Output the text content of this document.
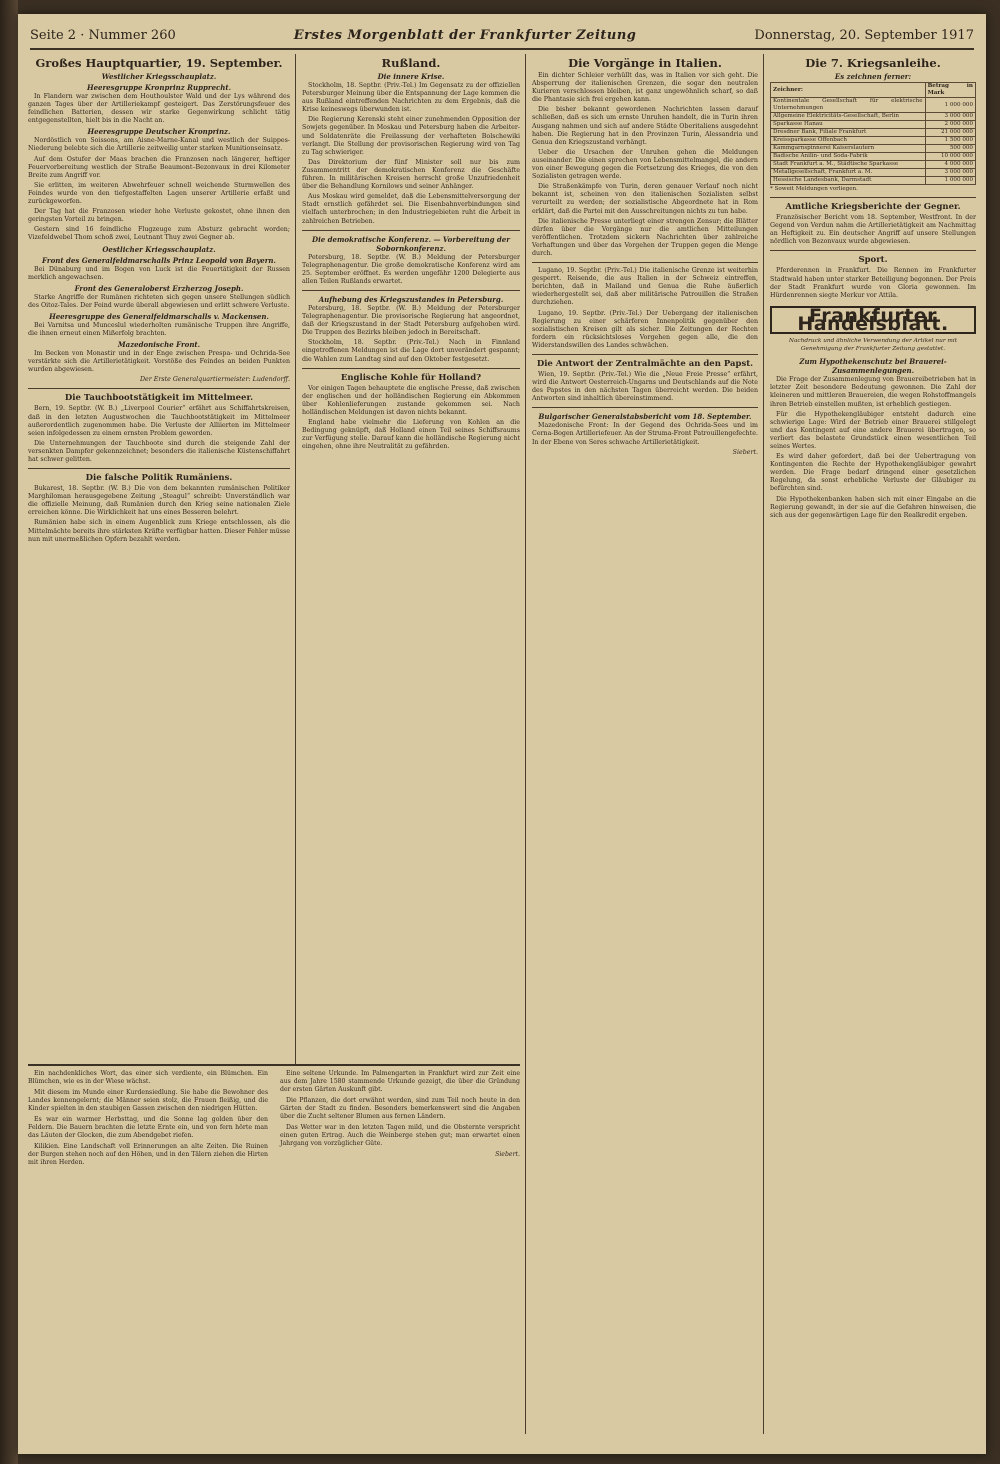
Seite 2 · Nummer 260	Erstes Morgenblatt der Frankfurter Zeitung	Donnerstag, 20. September 1917
Großes Hauptquartier, 19. September.
Westlicher Kriegsschauplatz.
Heeresgruppe Kronprinz Rupprecht.

In Flandern war zwischen dem Houthoulster Wald und der Lys während des ganzen Tages über der Artilleriekampf gesteigert. Das Zerstörungsfeuer des feindlichen Batterien, dessen wir starke Gegenwirkung schlicht tätig entgegenstellten, hielt bis in die Nacht an.

Heeresgruppe Deutscher Kronprinz.

Nordöstlich von Soissons, am Aisne-Marne-Kanal und westlich der Suippes-Niederung belebte sich die Artillerie zeitweilig unter starken Munitionseinsatz.

Auf dem Ostufer der Maas brachen die Franzosen nach längerer, heftiger Feuervorbereitung westlich der Straße Beaumont–Bezonvaux in drei Kilometer Breite zum Angriff vor.

Sie erlitten, im weiteren Abwehrfeuer schnell weichende Sturmwellen des Feindes wurde von den tiefgestaffelten Lagen unserer Artillerie erfaßt und zurückgeworfen.

Der Tag hat die Franzosen wieder hohe Verluste gekostet, ohne ihnen den geringsten Vorteil zu bringen.

Gestern sind 16 feindliche Flugzeuge zum Absturz gebracht worden; Vizefeldwebel Thom schoß zwei, Leutnant Thuy zwei Gegner ab.

Oestlicher Kriegsschauplatz.
Front des Generalfeldmarschalls Prinz Leopold von Bayern.

Bei Dünaburg und im Bogen von Luck ist die Feuertätigkeit der Russen merklich angewachsen.

Front des Generaloberst Erzherzog Joseph.

Starke Angriffe der Rumänen richteten sich gegen unsere Stellungen südlich des Oitoz-Tales. Der Feind wurde überall abgewiesen und erlitt schwere Verluste.

Heeresgruppe des Generalfeldmarschalls v. Mackensen.

Bei Varnitsa und Munceslul wiederholten rumänische Truppen ihre Angriffe, die ihnen erneut einen Mißerfolg brachten.

Mazedonische Front.

Im Becken von Monastir und in der Enge zwischen Prespa- und Ochrida-See verstärkte sich die Artillerietätigkeit. Vorstöße des Feindes an beiden Punkten wurden abgewiesen.

Der Erste Generalquartiermeister: Ludendorff.

Die Tauchbootstätigkeit im Mittelmeer.

Bern, 19. Septbr. (W. B.) „Liverpool Courier“ erfährt aus Schiffahrtskreisen, daß in den letzten Augustwochen die Tauchbootstätigkeit im Mittelmeer außerordentlich zugenommen habe. Die Verluste der Alliierten im Mittelmeer seien infolgedessen zu einem ernsten Problem geworden.

Die Unternehmungen der Tauchboote sind durch die steigende Zahl der versenkten Dampfer gekennzeichnet; besonders die italienische Küstenschiffahrt hat schwer gelitten.

Die falsche Politik Rumäniens.

Bukarest, 18. Septbr. (W. B.) Die von dem bekannten rumänischen Politiker Marghiloman herausgegebene Zeitung „Steagul“ schreibt: Unverständlich war die offizielle Meinung, daß Rumänien durch den Krieg seine nationalen Ziele erreichen könne. Die Wirklichkeit hat uns eines Besseren belehrt.

Rumänien habe sich in einem Augenblick zum Kriege entschlossen, als die Mittelmächte bereits ihre stärksten Kräfte verfügbar hatten. Dieser Fehler müsse nun mit unermeßlichen Opfern bezahlt werden.

Rußland.
Die innere Krise.

Stockholm, 18. Septbr. (Priv.-Tel.) Im Gegensatz zu der offiziellen Petersburger Meinung über die Entspannung der Lage kommen die aus Rußland eintreffenden Nachrichten zu dem Ergebnis, daß die Krise keineswegs überwunden ist.

Die Regierung Kerenski steht einer zunehmenden Opposition der Sowjets gegenüber. In Moskau und Petersburg haben die Arbeiter- und Soldatenräte die Freilassung der verhafteten Bolschewiki verlangt. Die Stellung der provisorischen Regierung wird von Tag zu Tag schwieriger.

Das Direktorium der fünf Minister soll nur bis zum Zusammentritt der demokratischen Konferenz die Geschäfte führen. In militärischen Kreisen herrscht große Unzufriedenheit über die Behandlung Kornilows und seiner Anhänger.

Aus Moskau wird gemeldet, daß die Lebensmittelversorgung der Stadt ernstlich gefährdet sei. Die Eisenbahnverbindungen sind vielfach unterbrochen; in den Industriegebieten ruht die Arbeit in zahlreichen Betrieben.

Die demokratische Konferenz. — Vorbereitung der Sobornkonferenz.

Petersburg, 18. Septbr. (W. B.) Meldung der Petersburger Telegraphenagentur. Die große demokratische Konferenz wird am 25. September eröffnet. Es werden ungefähr 1200 Delegierte aus allen Teilen Rußlands erwartet.

Aufhebung des Kriegszustandes in Petersburg.

Petersburg, 18. Septbr. (W. B.) Meldung der Petersburger Telegraphenagentur. Die provisorische Regierung hat angeordnet, daß der Kriegszustand in der Stadt Petersburg aufgehoben wird. Die Truppen des Bezirks bleiben jedoch in Bereitschaft.

Stockholm, 18. Septbr. (Priv.-Tel.) Nach in Finnland eingetroffenen Meldungen ist die Lage dort unverändert gespannt; die Wahlen zum Landtag sind auf den Oktober festgesetzt.

Englische Kohle für Holland?

Vor einigen Tagen behauptete die englische Presse, daß zwischen der englischen und der holländischen Regierung ein Abkommen über Kohlenlieferungen zustande gekommen sei. Nach holländischen Meldungen ist davon nichts bekannt.

England habe vielmehr die Lieferung von Kohlen an die Bedingung geknüpft, daß Holland einen Teil seines Schiffsraums zur Verfügung stelle. Darauf kann die holländische Regierung nicht eingehen, ohne ihre Neutralität zu gefährden.

Die Vorgänge in Italien.

Ein dichter Schleier verhüllt das, was in Italien vor sich geht. Die Absperrung der italienischen Grenzen, die sogar den neutralen Kurieren verschlossen bleiben, ist ganz ungewöhnlich scharf, so daß die Phantasie sich frei ergehen kann.

Die bisher bekannt gewordenen Nachrichten lassen darauf schließen, daß es sich um ernste Unruhen handelt, die in Turin ihren Ausgang nahmen und sich auf andere Städte Oberitaliens ausgedehnt haben. Die Regierung hat in den Provinzen Turin, Alessandria und Genua den Kriegszustand verhängt.

Ueber die Ursachen der Unruhen gehen die Meldungen auseinander. Die einen sprechen von Lebensmittelmangel, die andern von einer Bewegung gegen die Fortsetzung des Krieges, die von den Sozialisten getragen werde.

Die Straßenkämpfe von Turin, deren genauer Verlauf noch nicht bekannt ist, scheinen von den italienischen Sozialisten selbst verurteilt zu werden; der sozialistische Abgeordnete hat in Rom erklärt, daß die Partei mit den Ausschreitungen nichts zu tun habe.

Die italienische Presse unterliegt einer strengen Zensur; die Blätter dürfen über die Vorgänge nur die amtlichen Mitteilungen veröffentlichen. Trotzdem sickern Nachrichten über zahlreiche Verhaftungen und über das Vorgehen der Truppen gegen die Menge durch.

Lugano, 19. Septbr. (Priv.-Tel.) Die italienische Grenze ist weiterhin gesperrt. Reisende, die aus Italien in der Schweiz eintreffen, berichten, daß in Mailand und Genua die Ruhe äußerlich wiederhergestellt sei, daß aber militärische Patrouillen die Straßen durchziehen.

Lugano, 19. Septbr. (Priv.-Tel.) Der Uebergang der italienischen Regierung zu einer schärferen Innenpolitik gegenüber den sozialistischen Kreisen gilt als sicher. Die Zeitungen der Rechten fordern ein rücksichtsloses Vorgehen gegen alle, die den Widerstandswillen des Landes schwächen.

Die Antwort der Zentralmächte an den Papst.

Wien, 19. Septbr. (Priv.-Tel.) Wie die „Neue Freie Presse“ erfährt, wird die Antwort Oesterreich-Ungarns und Deutschlands auf die Note des Papstes in den nächsten Tagen überreicht werden. Die beiden Antworten sind inhaltlich übereinstimmend.

Bulgarischer Generalstabsbericht vom 18. September.

Mazedonische Front: In der Gegend des Ochrida-Sees und im Cerna-Bogen Artilleriefeuer. An der Struma-Front Patrouillengefechte. In der Ebene von Seres schwache Artillerietätigkeit.

Siebert.

Die 7. Kriegsanleihe.
Es zeichnen ferner:
Zeichner:	Betrag in Mark
Kontinentale Gesellschaft für elektrische Unternehmungen	1 000 000
Allgemeine Elektricitäts-Gesellschaft, Berlin	3 000 000
Sparkasse Hanau	2 000 000
Dresdner Bank, Filiale Frankfurt	21 000 000
Kreissparkasse Offenbach	1 500 000
Kammgarnspinnerei Kaiserslautern	500 000
Badische Anilin- und Soda-Fabrik	10 000 000
Stadt Frankfurt a. M., Städtische Sparkasse	4 000 000
Metallgesellschaft, Frankfurt a. M.	3 000 000
Hessische Landesbank, Darmstadt	1 000 000

* Soweit Meldungen vorliegen.

Amtliche Kriegsberichte der Gegner.

Französischer Bericht vom 18. September, Westfront. In der Gegend von Verdun nahm die Artillerietätigkeit am Nachmittag an Heftigkeit zu. Ein deutscher Angriff auf unsere Stellungen nördlich von Bezonvaux wurde abgewiesen.

Sport.

Pferderennen in Frankfurt. Die Rennen im Frankfurter Stadtwald haben unter starker Beteiligung begonnen. Der Preis der Stadt Frankfurt wurde von Gloria gewonnen. Im Hürdenrennen siegte Merkur vor Attila.

Frankfurter Handelsblatt.
Nachdruck und ähnliche Verwendung der Artikel nur mit Genehmigung der Frankfurter Zeitung gestattet.
Zum Hypothekenschutz bei Brauerei-Zusammenlegungen.

Die Frage der Zusammenlegung von Brauereibetrieben hat in letzter Zeit besondere Bedeutung gewonnen. Die Zahl der kleineren und mittleren Brauereien, die wegen Rohstoffmangels ihren Betrieb einstellen mußten, ist erheblich gestiegen.

Für die Hypothekengläubiger entsteht dadurch eine schwierige Lage: Wird der Betrieb einer Brauerei stillgelegt und das Kontingent auf eine andere Brauerei übertragen, so verliert das belastete Grundstück einen wesentlichen Teil seines Wertes.

Es wird daher gefordert, daß bei der Uebertragung von Kontingenten die Rechte der Hypothekengläubiger gewahrt werden. Die Frage bedarf dringend einer gesetzlichen Regelung, da sonst erhebliche Verluste der Gläubiger zu befürchten sind.

Die Hypothekenbanken haben sich mit einer Eingabe an die Regierung gewandt, in der sie auf die Gefahren hinweisen, die sich aus der gegenwärtigen Lage für den Realkredit ergeben.

Ein nachdenkliches Wort, das einer sich verdiente, ein Blümchen. Ein Blümchen, wie es in der Wiese wächst.

Mit diesem im Munde einer Kurdensiedlung. Sie habe die Bewohner des Landes kennengelernt; die Männer seien stolz, die Frauen fleißig, und die Kinder spielten in den staubigen Gassen zwischen den niedrigen Hütten.

Es war ein warmer Herbsttag, und die Sonne lag golden über den Feldern. Die Bauern brachten die letzte Ernte ein, und von fern hörte man das Läuten der Glocken, die zum Abendgebet riefen.

Kilikien. Eine Landschaft voll Erinnerungen an alte Zeiten. Die Ruinen der Burgen stehen noch auf den Höhen, und in den Tälern ziehen die Hirten mit ihren Herden.

Eine seltene Urkunde. Im Palmengarten in Frankfurt wird zur Zeit eine aus dem Jahre 1580 stammende Urkunde gezeigt, die über die Gründung der ersten Gärten Auskunft gibt.

Die Pflanzen, die dort erwähnt werden, sind zum Teil noch heute in den Gärten der Stadt zu finden. Besonders bemerkenswert sind die Angaben über die Zucht seltener Blumen aus fernen Ländern.

Das Wetter war in den letzten Tagen mild, und die Obsternte verspricht einen guten Ertrag. Auch die Weinberge stehen gut; man erwartet einen Jahrgang von vorzüglicher Güte.

Siebert.
